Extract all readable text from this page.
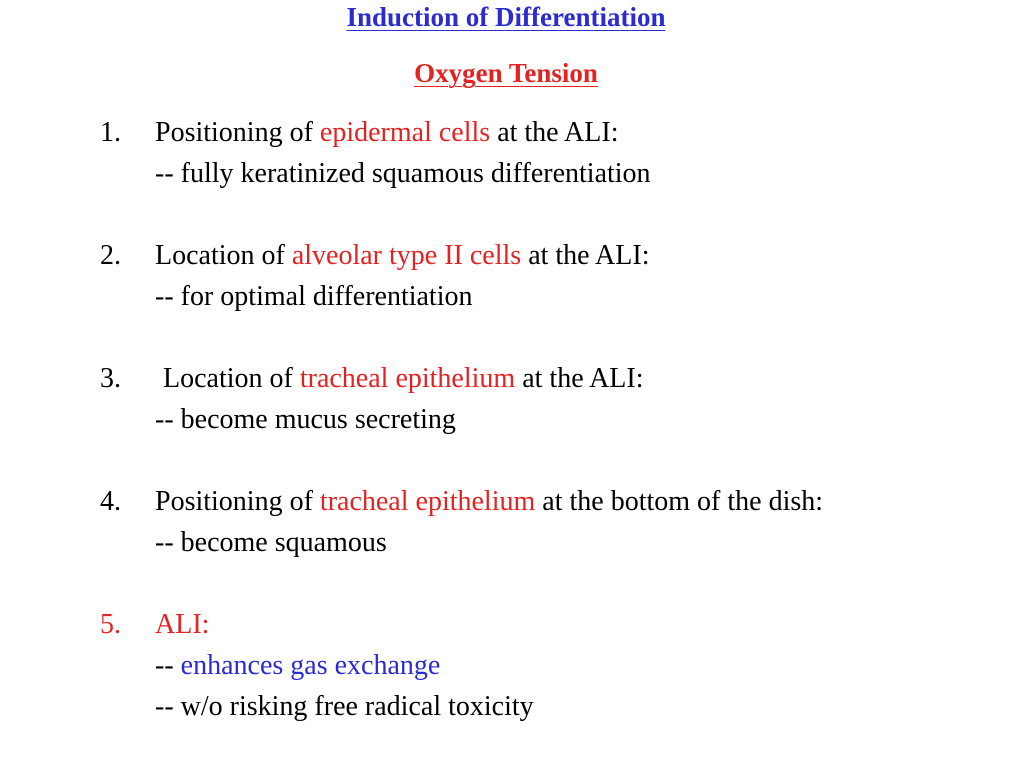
Induction of Differentiation
Oxygen Tension
1.	Positioning of epidermal cells at the ALI:
-- fully keratinized squamous differentiation
2.	Location of alveolar type II cells at the ALI:
-- for optimal differentiation
3.	Location of tracheal epithelium at the ALI:
-- become mucus secreting
4.	Positioning of tracheal epithelium at the bottom of the dish:
-- become squamous
5.	ALI:
-- enhances gas exchange
-- w/o risking free radical toxicity
